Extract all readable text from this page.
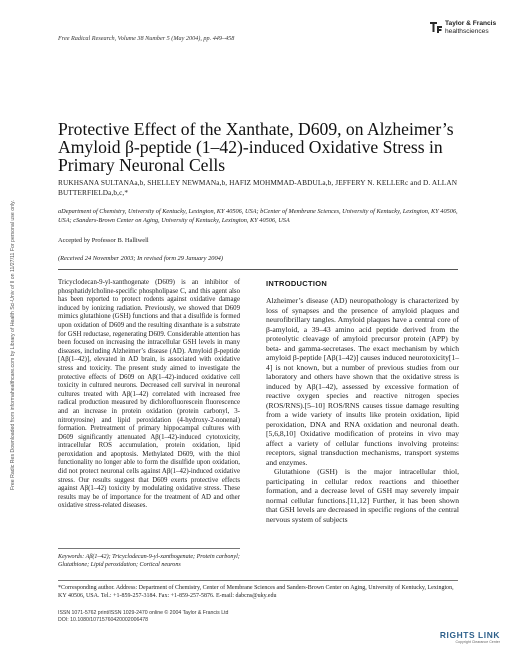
Free Radical Research, Volume 38 Number 5 (May 2004), pp. 449–458
Taylor & Francis
healthsciences
Free Radic Res Downloaded from informahealthcare.com by Library of Health Sci-Univ of Il on 11/27/11 For personal use only.
Protective Effect of the Xanthate, D609, on Alzheimer’s Amyloid β-peptide (1–42)-induced Oxidative Stress in Primary Neuronal Cells
RUKHSANA SULTANAa,b, SHELLEY NEWMANa,b, HAFIZ MOHMMAD-ABDULa,b, JEFFERY N. KELLERc and D. ALLAN BUTTERFIELDa,b,c,*
aDepartment of Chemistry, University of Kentucky, Lexington, KY 40506, USA; bCenter of Membrane Sciences, University of Kentucky, Lexington, KY 40506, USA; cSanders-Brown Center on Aging, University of Kentucky, Lexington, KY 40506, USA
Accepted by Professor B. Halliwell
(Received 24 November 2003; In revised form 29 January 2004)
Tricyclodecan-9-yl-xanthogenate (D609) is an inhibitor of phosphatidylcholine-specific phospholipase C, and this agent also has been reported to protect rodents against oxidative damage induced by ionizing radiation. Previously, we showed that D609 mimics glutathione (GSH) functions and that a disulfide is formed upon oxidation of D609 and the resulting dixanthate is a substrate for GSH reductase, regenerating D609. Considerable attention has been focused on increasing the intracellular GSH levels in many diseases, including Alzheimer’s disease (AD). Amyloid β-peptide [Aβ(1–42)], elevated in AD brain, is associated with oxidative stress and toxicity. The present study aimed to investigate the protective effects of D609 on Aβ(1–42)-induced oxidative cell toxicity in cultured neurons. Decreased cell survival in neuronal cultures treated with Aβ(1–42) correlated with increased free radical production measured by dichlorofluorescein fluorescence and an increase in protein oxidation (protein carbonyl, 3-nitrotyrosine) and lipid peroxidation (4-hydroxy-2-nonenal) formation. Pretreatment of primary hippocampal cultures with D609 significantly attenuated Aβ(1–42)-induced cytotoxicity, intracellular ROS accumulation, protein oxidation, lipid peroxidation and apoptosis. Methylated D609, with the thiol functionality no longer able to form the disulfide upon oxidation, did not protect neuronal cells against Aβ(1–42)-induced oxidative stress. Our results suggest that D609 exerts protective effects against Aβ(1–42) toxicity by modulating oxidative stress. These results may be of importance for the treatment of AD and other oxidative stress-related diseases.
Keywords: Aβ(1–42); Tricyclodecan-9-yl-xanthogenate; Protein carbonyl; Glutathione; Lipid peroxidation; Cortical neurons
INTRODUCTION

Alzheimer’s disease (AD) neuropathology is characterized by loss of synapses and the presence of amyloid plaques and neurofibrillary tangles. Amyloid plaques have a central core of β-amyloid, a 39–43 amino acid peptide derived from the proteolytic cleavage of amyloid precursor protein (APP) by beta- and gamma-secretases. The exact mechanism by which amyloid β-peptide [Aβ(1–42)] causes induced neurotoxicity[1–4] is not known, but a number of previous studies from our laboratory and others have shown that the oxidative stress is induced by Aβ(1–42), assessed by excessive formation of reactive oxygen species and reactive nitrogen species (ROS/RNS).[5–10] ROS/RNS causes tissue damage resulting from a wide variety of insults like protein oxidation, lipid peroxidation, DNA and RNA oxidation and neuronal death.[5,6,8,10] Oxidative modification of proteins in vivo may affect a variety of cellular functions involving proteins: receptors, signal transduction mechanisms, transport systems and enzymes.

Glutathione (GSH) is the major intracellular thiol, participating in cellular redox reactions and thioether formation, and a decrease level of GSH may severely impair normal cellular functions.[11,12] Further, it has been shown that GSH levels are decreased in specific regions of the central nervous system of subjects

*Corresponding author. Address: Department of Chemistry, Center of Membrane Sciences and Sanders-Brown Center on Aging, University of Kentucky, Lexington, KY 40506, USA. Tel.: +1-859-257-3184. Fax: +1-859-257-5876. E-mail: dabcns@uky.edu
ISSN 1071-5762 print/ISSN 1029-2470 online © 2004 Taylor & Francis Ltd
DOI: 10.1080/10715760420002006478
RIGHTS LINK
Copyright Clearance Center
